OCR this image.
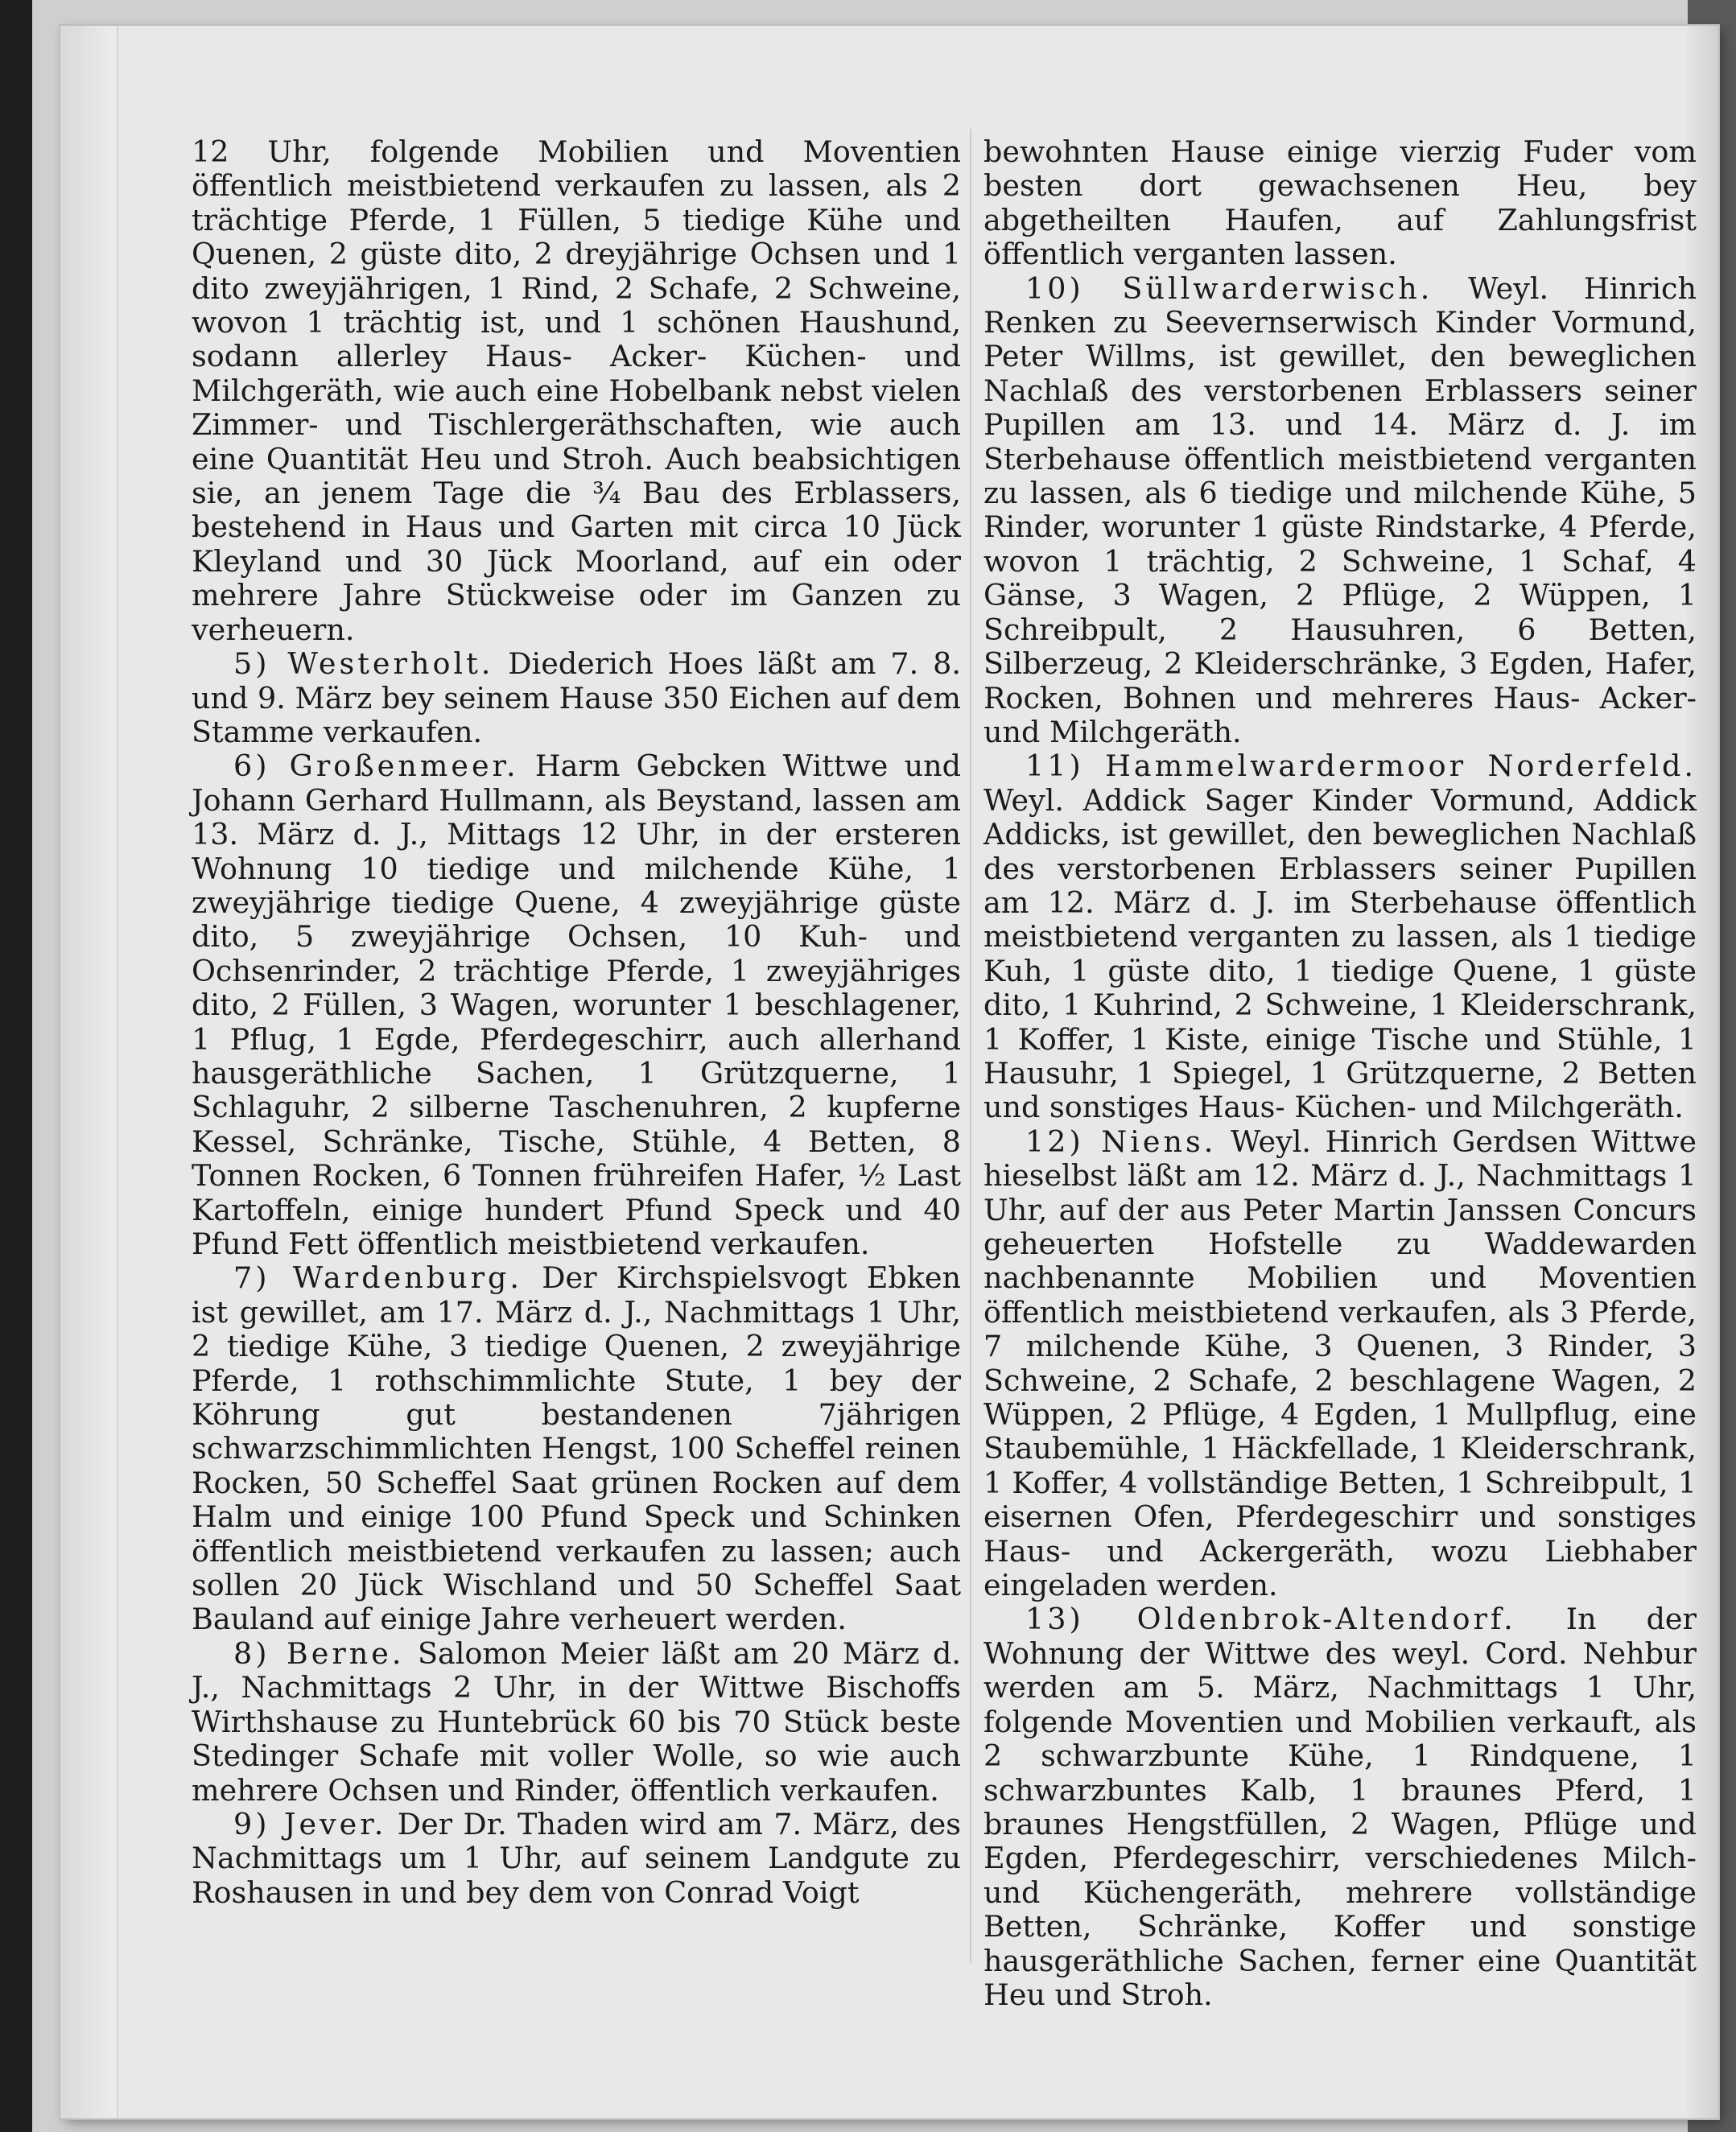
12 Uhr, folgende Mobilien und Moventien öffentlich meistbietend verkaufen zu lassen, als 2 trächtige Pferde, 1 Füllen, 5 tiedige Kühe und Quenen, 2 güste dito, 2 dreyjährige Ochsen und 1 dito zweyjährigen, 1 Rind, 2 Schafe, 2 Schweine, wovon 1 trächtig ist, und 1 schönen Haushund, sodann allerley Haus- Acker- Küchen- und Milchgeräth, wie auch eine Hobelbank nebst vielen Zimmer- und Tischlergeräthschaften, wie auch eine Quantität Heu und Stroh. Auch beabsichtigen sie, an jenem Tage die ¾ Bau des Erblassers, bestehend in Haus und Garten mit circa 10 Jück Kleyland und 30 Jück Moorland, auf ein oder mehrere Jahre Stückweise oder im Ganzen zu verheuern.

5) Westerholt. Diederich Hoes läßt am 7. 8. und 9. März bey seinem Hause 350 Eichen auf dem Stamme verkaufen.

6) Großenmeer. Harm Gebcken Wittwe und Johann Gerhard Hullmann, als Beystand, lassen am 13. März d. J., Mittags 12 Uhr, in der ersteren Wohnung 10 tiedige und milchende Kühe, 1 zweyjährige tiedige Quene, 4 zweyjährige güste dito, 5 zweyjährige Ochsen, 10 Kuh- und Ochsenrinder, 2 trächtige Pferde, 1 zweyjähriges dito, 2 Füllen, 3 Wagen, worunter 1 beschlagener, 1 Pflug, 1 Egde, Pferdegeschirr, auch allerhand hausgeräthliche Sachen, 1 Grützquerne, 1 Schlaguhr, 2 silberne Taschenuhren, 2 kupferne Kessel, Schränke, Tische, Stühle, 4 Betten, 8 Tonnen Rocken, 6 Tonnen frühreifen Hafer, ½ Last Kartoffeln, einige hundert Pfund Speck und 40 Pfund Fett öffentlich meistbietend verkaufen.

7) Wardenburg. Der Kirchspielsvogt Ebken ist gewillet, am 17. März d. J., Nachmittags 1 Uhr, 2 tiedige Kühe, 3 tiedige Quenen, 2 zweyjährige Pferde, 1 rothschimmlichte Stute, 1 bey der Köhrung gut bestandenen 7jährigen schwarzschimmlichten Hengst, 100 Scheffel reinen Rocken, 50 Scheffel Saat grünen Rocken auf dem Halm und einige 100 Pfund Speck und Schinken öffentlich meistbietend verkaufen zu lassen; auch sollen 20 Jück Wischland und 50 Scheffel Saat Bauland auf einige Jahre verheuert werden.

8) Berne. Salomon Meier läßt am 20 März d. J., Nachmittags 2 Uhr, in der Wittwe Bischoffs Wirthshause zu Huntebrück 60 bis 70 Stück beste Stedinger Schafe mit voller Wolle, so wie auch mehrere Ochsen und Rinder, öffentlich verkaufen.

9) Jever. Der Dr. Thaden wird am 7. März, des Nachmittags um 1 Uhr, auf seinem Landgute zu Roshausen in und bey dem von Conrad Voigt

bewohnten Hause einige vierzig Fuder vom besten dort gewachsenen Heu, bey abgetheilten Haufen, auf Zahlungsfrist öffentlich verganten lassen.

10) Süllwarderwisch. Weyl. Hinrich Renken zu Seevernserwisch Kinder Vormund, Peter Willms, ist gewillet, den beweglichen Nachlaß des verstorbenen Erblassers seiner Pupillen am 13. und 14. März d. J. im Sterbehause öffentlich meistbietend verganten zu lassen, als 6 tiedige und milchende Kühe, 5 Rinder, worunter 1 güste Rindstarke, 4 Pferde, wovon 1 trächtig, 2 Schweine, 1 Schaf, 4 Gänse, 3 Wagen, 2 Pflüge, 2 Wüppen, 1 Schreibpult, 2 Hausuhren, 6 Betten, Silberzeug, 2 Kleiderschränke, 3 Egden, Hafer, Rocken, Bohnen und mehreres Haus- Acker- und Milchgeräth.

11) Hammelwardermoor Norderfeld. Weyl. Addick Sager Kinder Vormund, Addick Addicks, ist gewillet, den beweglichen Nachlaß des verstorbenen Erblassers seiner Pupillen am 12. März d. J. im Sterbehause öffentlich meistbietend verganten zu lassen, als 1 tiedige Kuh, 1 güste dito, 1 tiedige Quene, 1 güste dito, 1 Kuhrind, 2 Schweine, 1 Kleiderschrank, 1 Koffer, 1 Kiste, einige Tische und Stühle, 1 Hausuhr, 1 Spiegel, 1 Grützquerne, 2 Betten und sonstiges Haus- Küchen- und Milchgeräth.

12) Niens. Weyl. Hinrich Gerdsen Wittwe hieselbst läßt am 12. März d. J., Nachmittags 1 Uhr, auf der aus Peter Martin Janssen Concurs geheuerten Hofstelle zu Waddewarden nachbenannte Mobilien und Moventien öffentlich meistbietend verkaufen, als 3 Pferde, 7 milchende Kühe, 3 Quenen, 3 Rinder, 3 Schweine, 2 Schafe, 2 beschlagene Wagen, 2 Wüppen, 2 Pflüge, 4 Egden, 1 Mullpflug, eine Staubemühle, 1 Häckfellade, 1 Kleiderschrank, 1 Koffer, 4 vollständige Betten, 1 Schreibpult, 1 eisernen Ofen, Pferdegeschirr und sonstiges Haus- und Ackergeräth, wozu Liebhaber eingeladen werden.

13) Oldenbrok-Altendorf. In der Wohnung der Wittwe des weyl. Cord. Nehbur werden am 5. März, Nachmittags 1 Uhr, folgende Moventien und Mobilien verkauft, als 2 schwarzbunte Kühe, 1 Rindquene, 1 schwarzbuntes Kalb, 1 braunes Pferd, 1 braunes Hengstfüllen, 2 Wagen, Pflüge und Egden, Pferdegeschirr, verschiedenes Milch- und Küchengeräth, mehrere vollständige Betten, Schränke, Koffer und sonstige hausgeräthliche Sachen, ferner eine Quantität Heu und Stroh.
